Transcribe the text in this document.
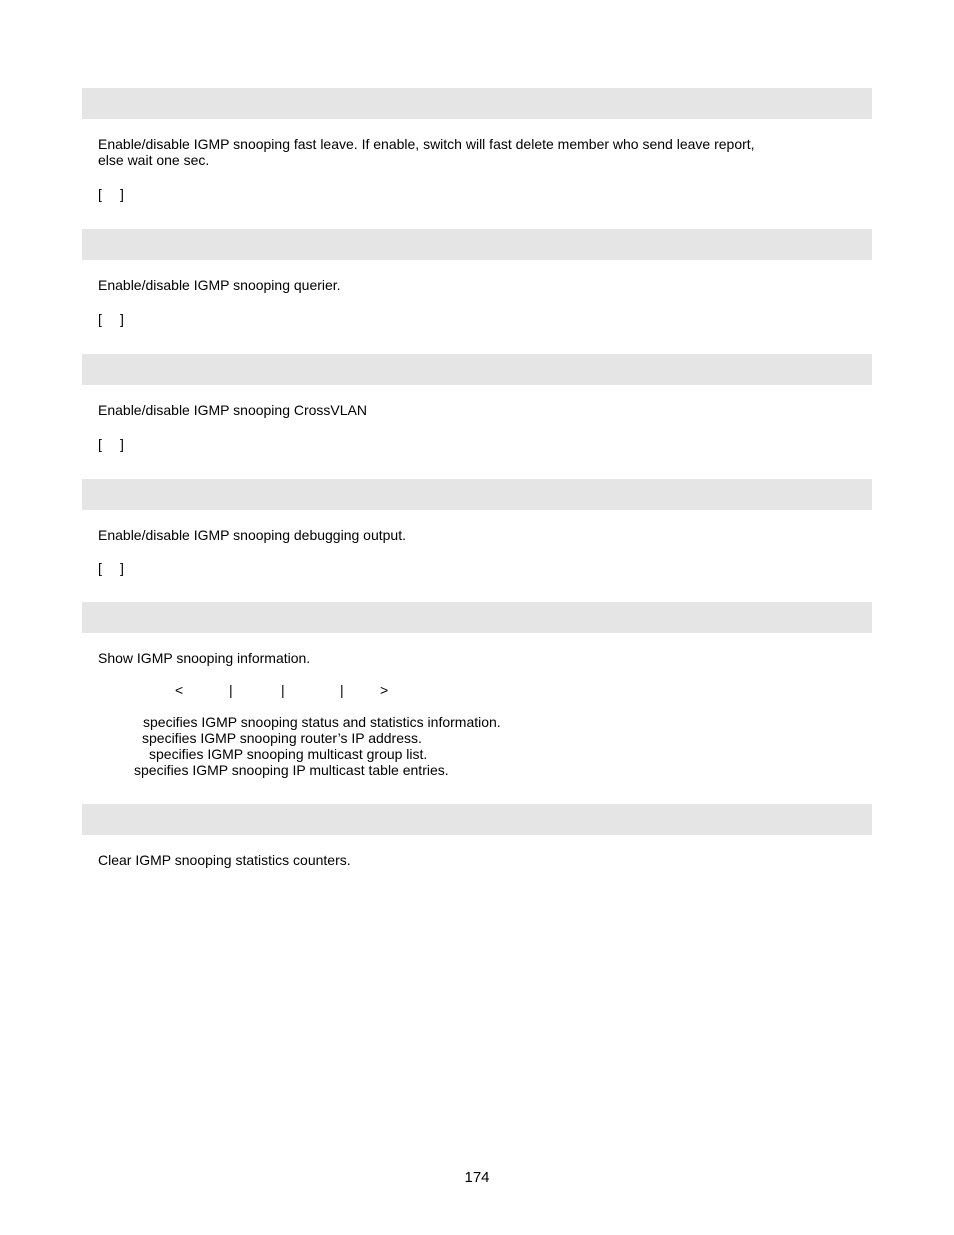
Enable/disable IGMP snooping fast leave. If enable, switch will fast delete member who send leave report,
else wait one sec.
[ ]
Enable/disable IGMP snooping querier.
[ ]
Enable/disable IGMP snooping CrossVLAN
[ ]
Enable/disable IGMP snooping debugging output.
[ ]
Show IGMP snooping information.
<	|	|	|	>
specifies IGMP snooping status and statistics information.
specifies IGMP snooping router’s IP address.
specifies IGMP snooping multicast group list.
specifies IGMP snooping IP multicast table entries.
Clear IGMP snooping statistics counters.
174
